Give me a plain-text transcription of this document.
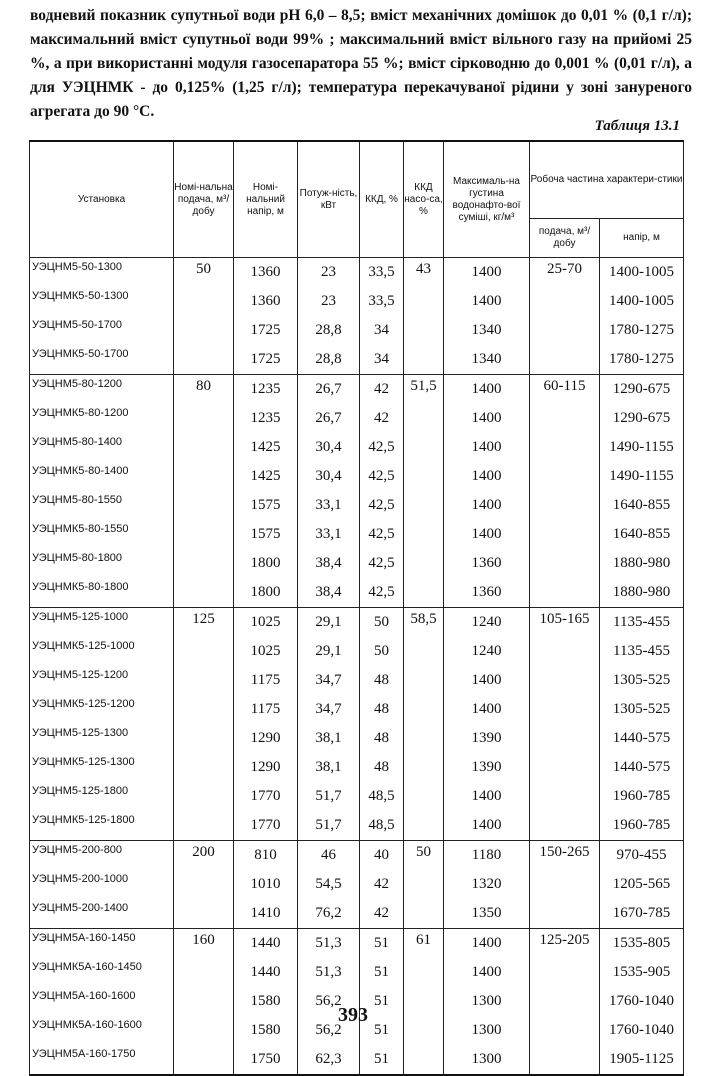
водневий показник супутньої води pH 6,0 – 8,5; вміст механічних домішок до 0,01 % (0,1 г/л); максимальний вміст супутньої води 99% ; максимальний вміст вільного газу на прийомі 25 %, а при використанні модуля газосепаратора 55 %; вміст сірководню до 0,001 % (0,01 г/л), а для УЭЦНМК - до 0,125% (1,25 г/л); температура перекачуваної рідини у зоні зануреного агрегата до 90 °С.

Таблиця 13.1
Установка	Номі-нальна подача, м³/добу	Номі-нальний напір, м	Потуж-ність, кВт	ККД, %	ККД насо-са, %	Максималь-на густина водонафто-вої суміші, кг/м³	Робоча частина характери-стики	
							подача, м³/добу	напір, м
УЭЦНМ5-50-1300	50	1360	23	33,5	43	1400	25-70	1400-1005
УЭЦНМК5-50-1300		1360	23	33,5		1400		1400-1005
УЭЦНМ5-50-1700		1725	28,8	34		1340		1780-1275
УЭЦНМК5-50-1700		1725	28,8	34		1340		1780-1275
УЭЦНМ5-80-1200	80	1235	26,7	42	51,5	1400	60-115	1290-675
УЭЦНМК5-80-1200		1235	26,7	42		1400		1290-675
УЭЦНМ5-80-1400		1425	30,4	42,5		1400		1490-1155
УЭЦНМК5-80-1400		1425	30,4	42,5		1400		1490-1155
УЭЦНМ5-80-1550		1575	33,1	42,5		1400		1640-855
УЭЦНМК5-80-1550		1575	33,1	42,5		1400		1640-855
УЭЦНМ5-80-1800		1800	38,4	42,5		1360		1880-980
УЭЦНМК5-80-1800		1800	38,4	42,5		1360		1880-980
УЭЦНМ5-125-1000	125	1025	29,1	50	58,5	1240	105-165	1135-455
УЭЦНМК5-125-1000		1025	29,1	50		1240		1135-455
УЭЦНМ5-125-1200		1175	34,7	48		1400		1305-525
УЭЦНМК5-125-1200		1175	34,7	48		1400		1305-525
УЭЦНМ5-125-1300		1290	38,1	48		1390		1440-575
УЭЦНМК5-125-1300		1290	38,1	48		1390		1440-575
УЭЦНМ5-125-1800		1770	51,7	48,5		1400		1960-785
УЭЦНМК5-125-1800		1770	51,7	48,5		1400		1960-785
УЭЦНМ5-200-800	200	810	46	40	50	1180	150-265	970-455
УЭЦНМ5-200-1000		1010	54,5	42		1320		1205-565
УЭЦНМ5-200-1400		1410	76,2	42		1350		1670-785
УЭЦНМ5А-160-1450	160	1440	51,3	51	61	1400	125-205	1535-805
УЭЦНМК5А-160-1450		1440	51,3	51		1400		1535-905
УЭЦНМ5А-160-1600		1580	56,2	51		1300		1760-1040
УЭЦНМК5А-160-1600		1580	56,2	51		1300		1760-1040
УЭЦНМ5А-160-1750		1750	62,3	51		1300		1905-1125
393
